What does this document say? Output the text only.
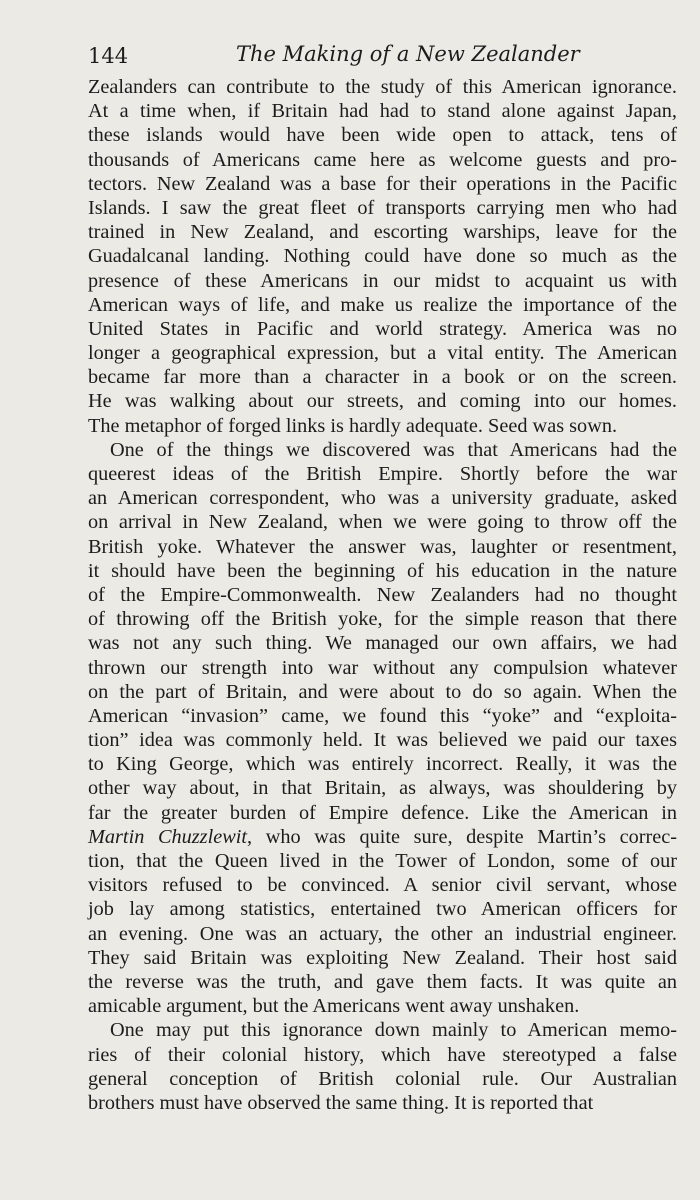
144	The Making of a New Zealander
Zealanders can contribute to the study of this American ignorance.
At a time when, if Britain had had to stand alone against Japan,
these islands would have been wide open to attack, tens of
thousands of Americans came here as welcome guests and pro-
tectors. New Zealand was a base for their operations in the Pacific
Islands. I saw the great fleet of transports carrying men who had
trained in New Zealand, and escorting warships, leave for the
Guadalcanal landing. Nothing could have done so much as the
presence of these Americans in our midst to acquaint us with
American ways of life, and make us realize the importance of the
United States in Pacific and world strategy. America was no
longer a geographical expression, but a vital entity. The American
became far more than a character in a book or on the screen.
He was walking about our streets, and coming into our homes.
The metaphor of forged links is hardly adequate. Seed was sown.
One of the things we discovered was that Americans had the
queerest ideas of the British Empire. Shortly before the war
an American correspondent, who was a university graduate, asked
on arrival in New Zealand, when we were going to throw off the
British yoke. Whatever the answer was, laughter or resentment,
it should have been the beginning of his education in the nature
of the Empire-Commonwealth. New Zealanders had no thought
of throwing off the British yoke, for the simple reason that there
was not any such thing. We managed our own affairs, we had
thrown our strength into war without any compulsion whatever
on the part of Britain, and were about to do so again. When the
American “invasion” came, we found this “yoke” and “exploita-
tion” idea was commonly held. It was believed we paid our taxes
to King George, which was entirely incorrect. Really, it was the
other way about, in that Britain, as always, was shouldering by
far the greater burden of Empire defence. Like the American in
Martin Chuzzlewit, who was quite sure, despite Martin’s correc-
tion, that the Queen lived in the Tower of London, some of our
visitors refused to be convinced. A senior civil servant, whose
job lay among statistics, entertained two American officers for
an evening. One was an actuary, the other an industrial engineer.
They said Britain was exploiting New Zealand. Their host said
the reverse was the truth, and gave them facts. It was quite an
amicable argument, but the Americans went away unshaken.
One may put this ignorance down mainly to American memo-
ries of their colonial history, which have stereotyped a false
general conception of British colonial rule. Our Australian
brothers must have observed the same thing. It is reported that
